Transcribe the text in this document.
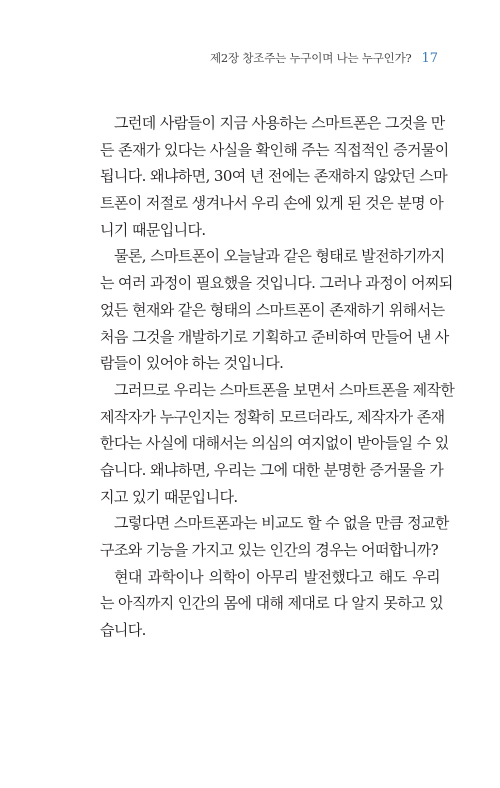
제2장 창조주는 누구이며 나는 누구인가? 17
그런데 사람들이 지금 사용하는 스마트폰은 그것을 만
든 존재가 있다는 사실을 확인해 주는 직접적인 증거물이
됩니다. 왜냐하면, 30여 년 전에는 존재하지 않았던 스마
트폰이 저절로 생겨나서 우리 손에 있게 된 것은 분명 아
니기 때문입니다.
물론, 스마트폰이 오늘날과 같은 형태로 발전하기까지
는 여러 과정이 필요했을 것입니다. 그러나 과정이 어찌되
었든 현재와 같은 형태의 스마트폰이 존재하기 위해서는
처음 그것을 개발하기로 기획하고 준비하여 만들어 낸 사
람들이 있어야 하는 것입니다.
그러므로 우리는 스마트폰을 보면서 스마트폰을 제작한
제작자가 누구인지는 정확히 모르더라도, 제작자가 존재
한다는 사실에 대해서는 의심의 여지없이 받아들일 수 있
습니다. 왜냐하면, 우리는 그에 대한 분명한 증거물을 가
지고 있기 때문입니다.
그렇다면 스마트폰과는 비교도 할 수 없을 만큼 정교한
구조와 기능을 가지고 있는 인간의 경우는 어떠합니까?
현대 과학이나 의학이 아무리 발전했다고 해도 우리
는 아직까지 인간의 몸에 대해 제대로 다 알지 못하고 있
습니다.
